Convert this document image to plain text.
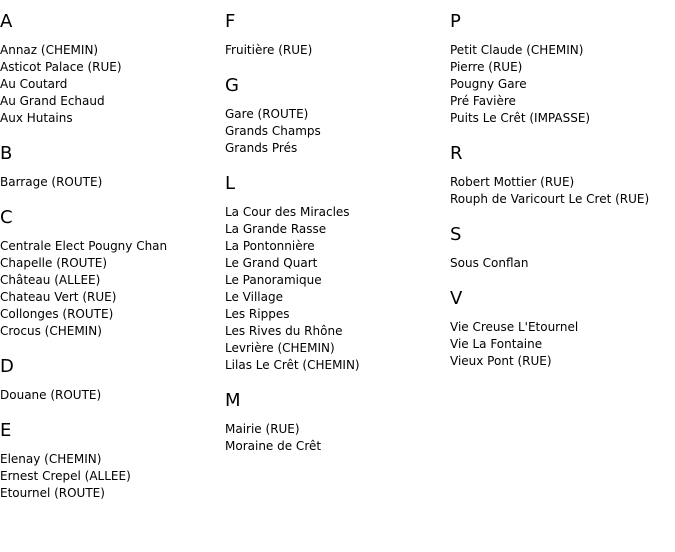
A
Annaz (CHEMIN)
Asticot Palace (RUE)
Au Coutard
Au Grand Echaud
Aux Hutains
B
Barrage (ROUTE)
C
Centrale Elect Pougny Chan
Chapelle (ROUTE)
Château (ALLEE)
Chateau Vert (RUE)
Collonges (ROUTE)
Crocus (CHEMIN)
D
Douane (ROUTE)
E
Elenay (CHEMIN)
Ernest Crepel (ALLEE)
Etournel (ROUTE)
F
Fruitière (RUE)
G
Gare (ROUTE)
Grands Champs
Grands Prés
L
La Cour des Miracles
La Grande Rasse
La Pontonnière
Le Grand Quart
Le Panoramique
Le Village
Les Rippes
Les Rives du Rhône
Levrière (CHEMIN)
Lilas Le Crêt (CHEMIN)
M
Mairie (RUE)
Moraine de Crêt
P
Petit Claude (CHEMIN)
Pierre (RUE)
Pougny Gare
Pré Favière
Puits Le Crêt (IMPASSE)
R
Robert Mottier (RUE)
Rouph de Varicourt Le Cret (RUE)
S
Sous Conflan
V
Vie Creuse L'Etournel
Vie La Fontaine
Vieux Pont (RUE)
